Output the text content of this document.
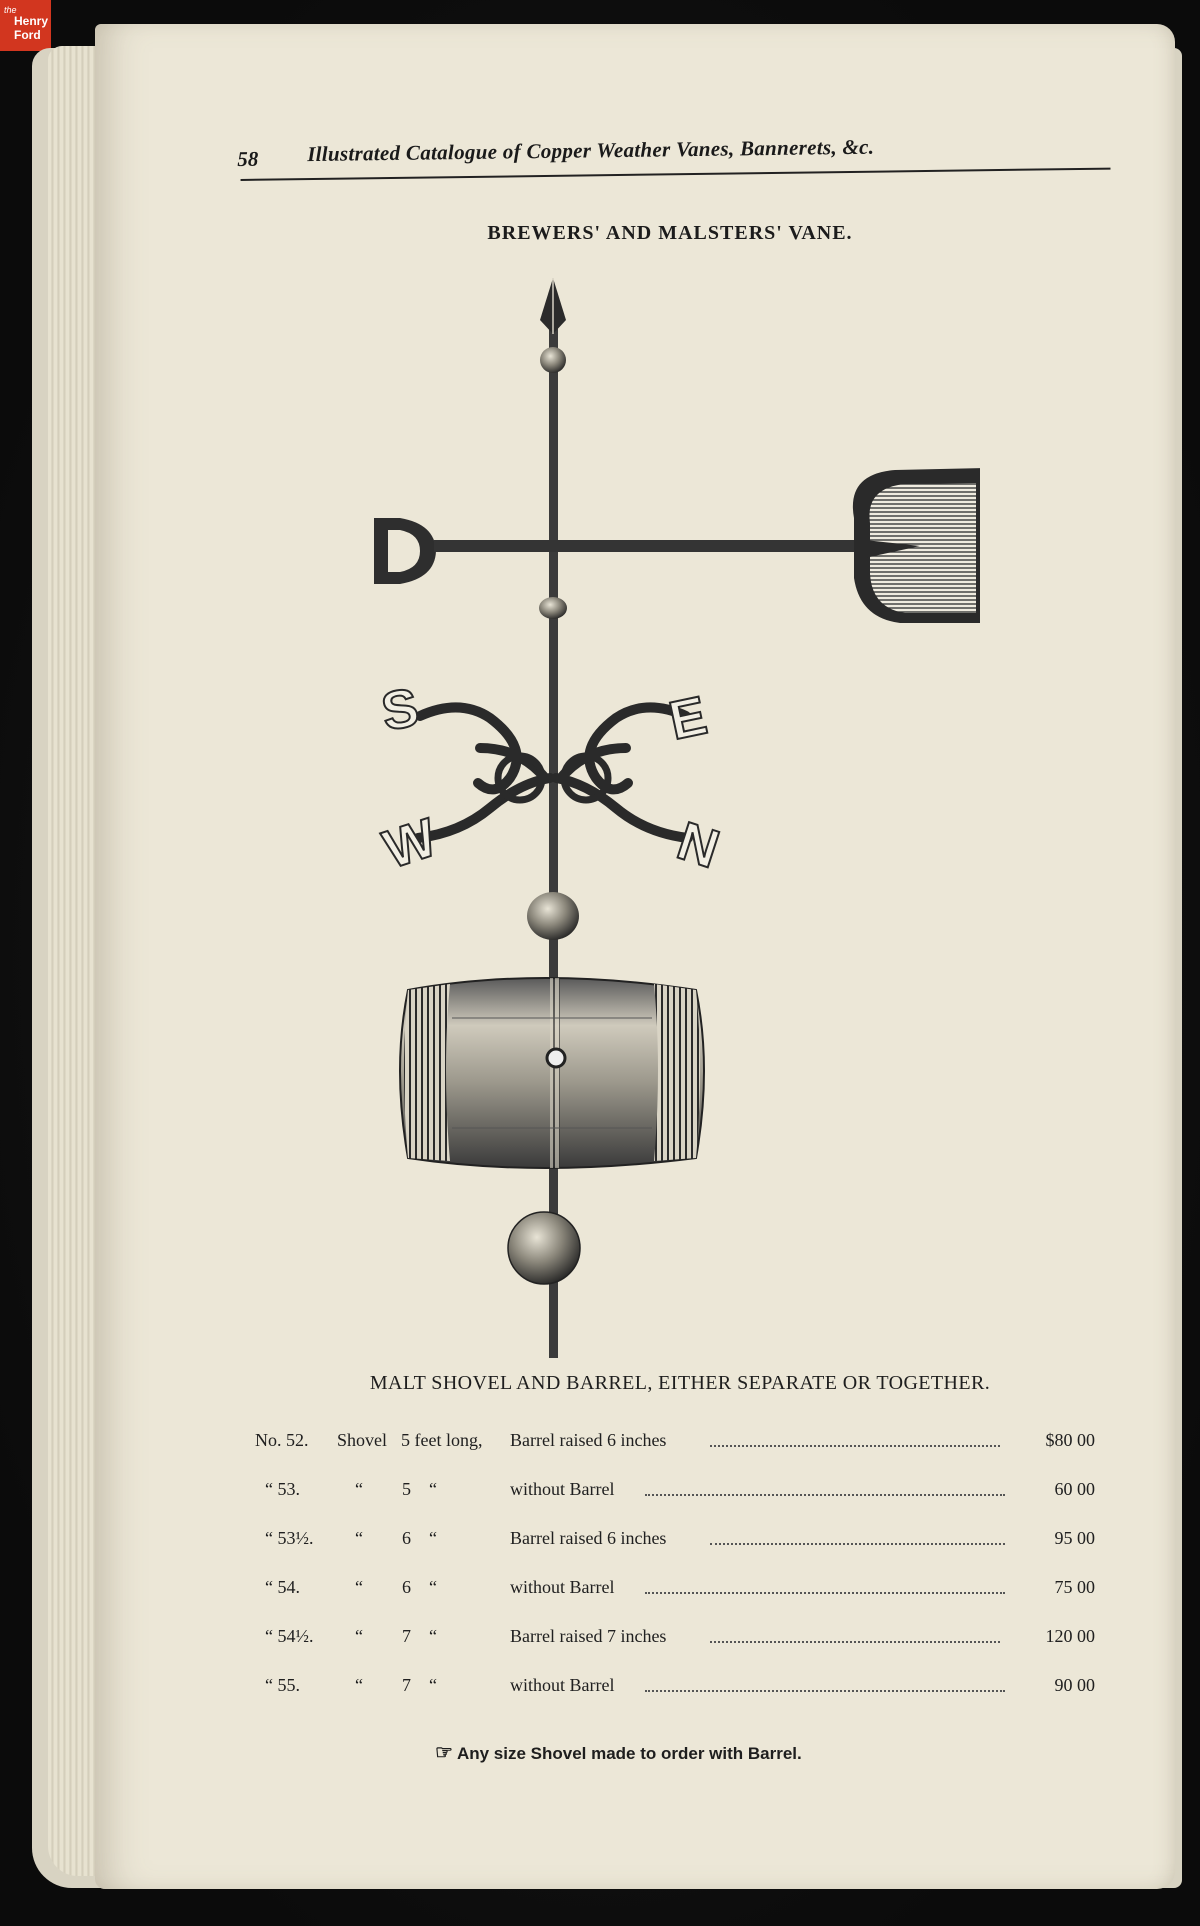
the
Henry
Ford
58 Illustrated Catalogue of Copper Weather Vanes, Bannerets, &c.
BREWERS' AND MALSTERS' VANE.
S	E
W	N
MALT SHOVEL AND BARREL, EITHER SEPARATE OR TOGETHER.
No. 52. Shovel 5 feet long, Barrel raised 6 inches	$80 00
“ 53.	“ 5    “	without Barrel	60 00
“ 53½. “ 6    “	Barrel raised 6 inches	95 00
“ 54.	“ 6    “	without Barrel	75 00
“ 54½. “ 7    “	Barrel raised 7 inches	120 00
“ 55.	“ 7    “	without Barrel	90 00
☞ Any size Shovel made to order with Barrel.
